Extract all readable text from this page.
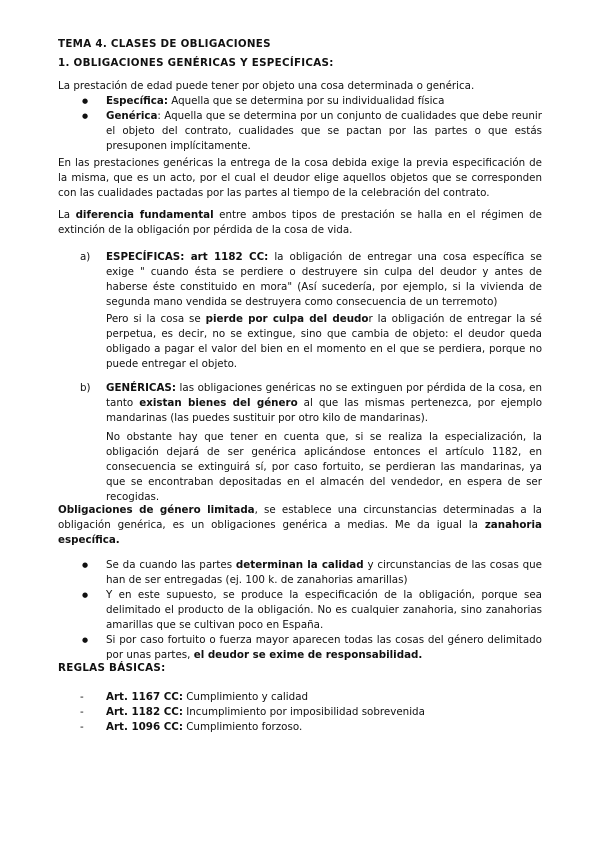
TEMA 4. CLASES DE OBLIGACIONES
1. OBLIGACIONES GENÉRICAS Y ESPECÍFICAS:

La prestación de edad puede tener por objeto una cosa determinada o genérica.

● Específica: Aquella que se determina por su individualidad física

● Genérica: Aquella que se determina por un conjunto de cualidades que debe reunir el objeto del contrato, cualidades que se pactan por las partes o que estás presuponen implícitamente.

En las prestaciones genéricas la entrega de la cosa debida exige la previa especificación de la misma, que es un acto, por el cual el deudor elige aquellos objetos que se corresponden con las cualidades pactadas por las partes al tiempo de la celebración del contrato.

La diferencia fundamental entre ambos tipos de prestación se halla en el régimen de extinción de la obligación por pérdida de la cosa de vida.

a) ESPECÍFICAS: art 1182 CC: la obligación de entregar una cosa específica se exige " cuando ésta se perdiere o destruyere sin culpa del deudor y antes de haberse éste constituido en mora" (Así sucedería, por ejemplo, si la vivienda de segunda mano vendida se destruyera como consecuencia de un terremoto)

Pero si la cosa se pierde por culpa del deudor la obligación de entregar la sé perpetua, es decir, no se extingue, sino que cambia de objeto: el deudor queda obligado a pagar el valor del bien en el momento en el que se perdiera, porque no puede entregar el objeto.

b) GENÉRICAS: las obligaciones genéricas no se extinguen por pérdida de la cosa, en tanto existan bienes del género al que las mismas pertenezca, por ejemplo mandarinas (las puedes sustituir por otro kilo de mandarinas).

No obstante hay que tener en cuenta que, si se realiza la especialización, la obligación dejará de ser genérica aplicándose entonces el artículo 1182, en consecuencia se extinguirá sí, por caso fortuito, se perdieran las mandarinas, ya que se encontraban depositadas en el almacén del vendedor, en espera de ser recogidas.

Obligaciones de género limitada, se establece una circunstancias determinadas a la obligación genérica, es un obligaciones genérica a medias. Me da igual la zanahoria específica.

● Se da cuando las partes determinan la calidad y circunstancias de las cosas que han de ser entregadas (ej. 100 k. de zanahorias amarillas)

● Y en este supuesto, se produce la especificación de la obligación, porque sea delimitado el producto de la obligación. No es cualquier zanahoria, sino zanahorias amarillas que se cultivan poco en España.

● Si por caso fortuito o fuerza mayor aparecen todas las cosas del género delimitado por unas partes, el deudor se exime de responsabilidad.

REGLAS BÁSICAS:
- Art. 1167 CC: Cumplimiento y calidad
- Art. 1182 CC: Incumplimiento por imposibilidad sobrevenida
- Art. 1096 CC: Cumplimiento forzoso.
